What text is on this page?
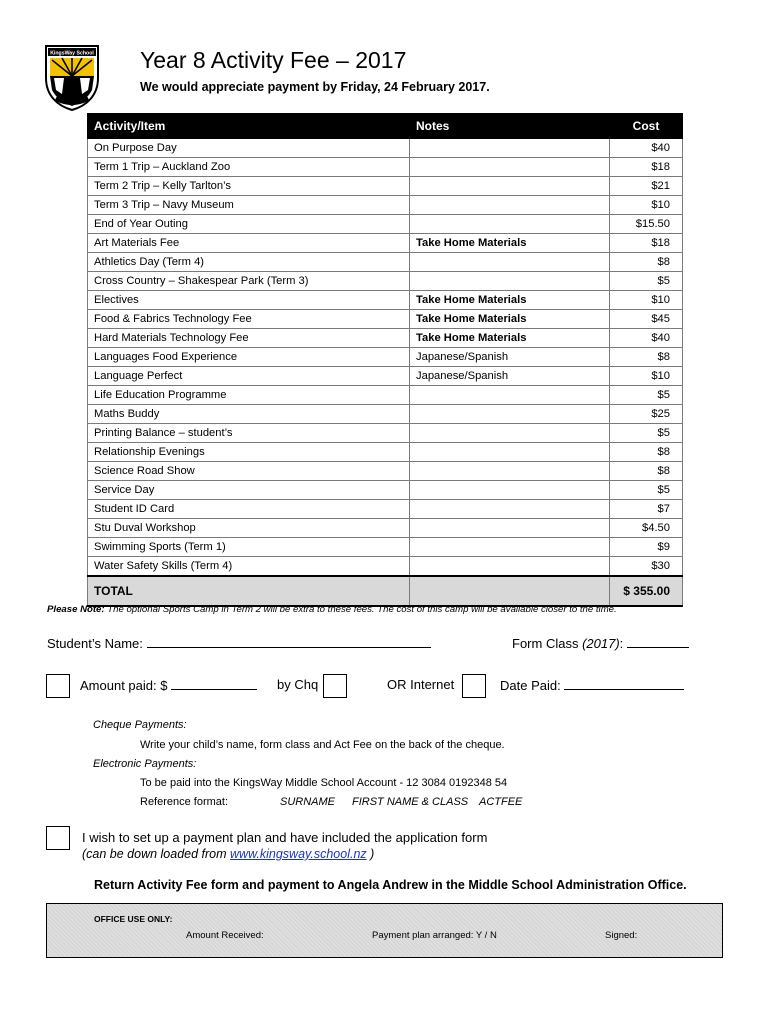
KingsWay School Year 8 Activity Fee – 2017
We would appreciate payment by Friday, 24 February 2017.
Activity/Item	Notes	Cost
On Purpose Day		$40
Term 1 Trip – Auckland Zoo		$18
Term 2 Trip – Kelly Tarlton’s		$21
Term 3 Trip – Navy Museum		$10
End of Year Outing		$15.50
Art Materials Fee	Take Home Materials	$18
Athletics Day (Term 4)		$8
Cross Country – Shakespear Park (Term 3)		$5
Electives	Take Home Materials	$10
Food & Fabrics Technology Fee	Take Home Materials	$45
Hard Materials Technology Fee	Take Home Materials	$40
Languages Food Experience	Japanese/Spanish	$8
Language Perfect	Japanese/Spanish	$10
Life Education Programme		$5
Maths Buddy		$25
Printing Balance – student’s		$5
Relationship Evenings		$8
Science Road Show		$8
Service Day		$5
Student ID Card		$7
Stu Duval Workshop		$4.50
Swimming Sports (Term 1)		$9
Water Safety Skills (Term 4)		$30
TOTAL		$ 355.00
Please Note: The optional Sports Camp in Term 2 will be extra to these fees. The cost of this camp will be available closer to the time.
Student’s Name:	Form Class (2017):
Amount paid: $	by Chq	OR Internet	Date Paid:
Cheque Payments:
Write your child’s name, form class and Act Fee on the back of the cheque.
Electronic Payments:
To be paid into the KingsWay Middle School Account - 12 3084 0192348 54
Reference format:	SURNAME FIRST NAME & CLASS ACTFEE
I wish to set up a payment plan and have included the application form
(can be down loaded from www.kingsway.school.nz )
Return Activity Fee form and payment to Angela Andrew in the Middle School Administration Office.
OFFICE USE ONLY:
Amount Received:	Payment plan arranged: Y / N	Signed:
